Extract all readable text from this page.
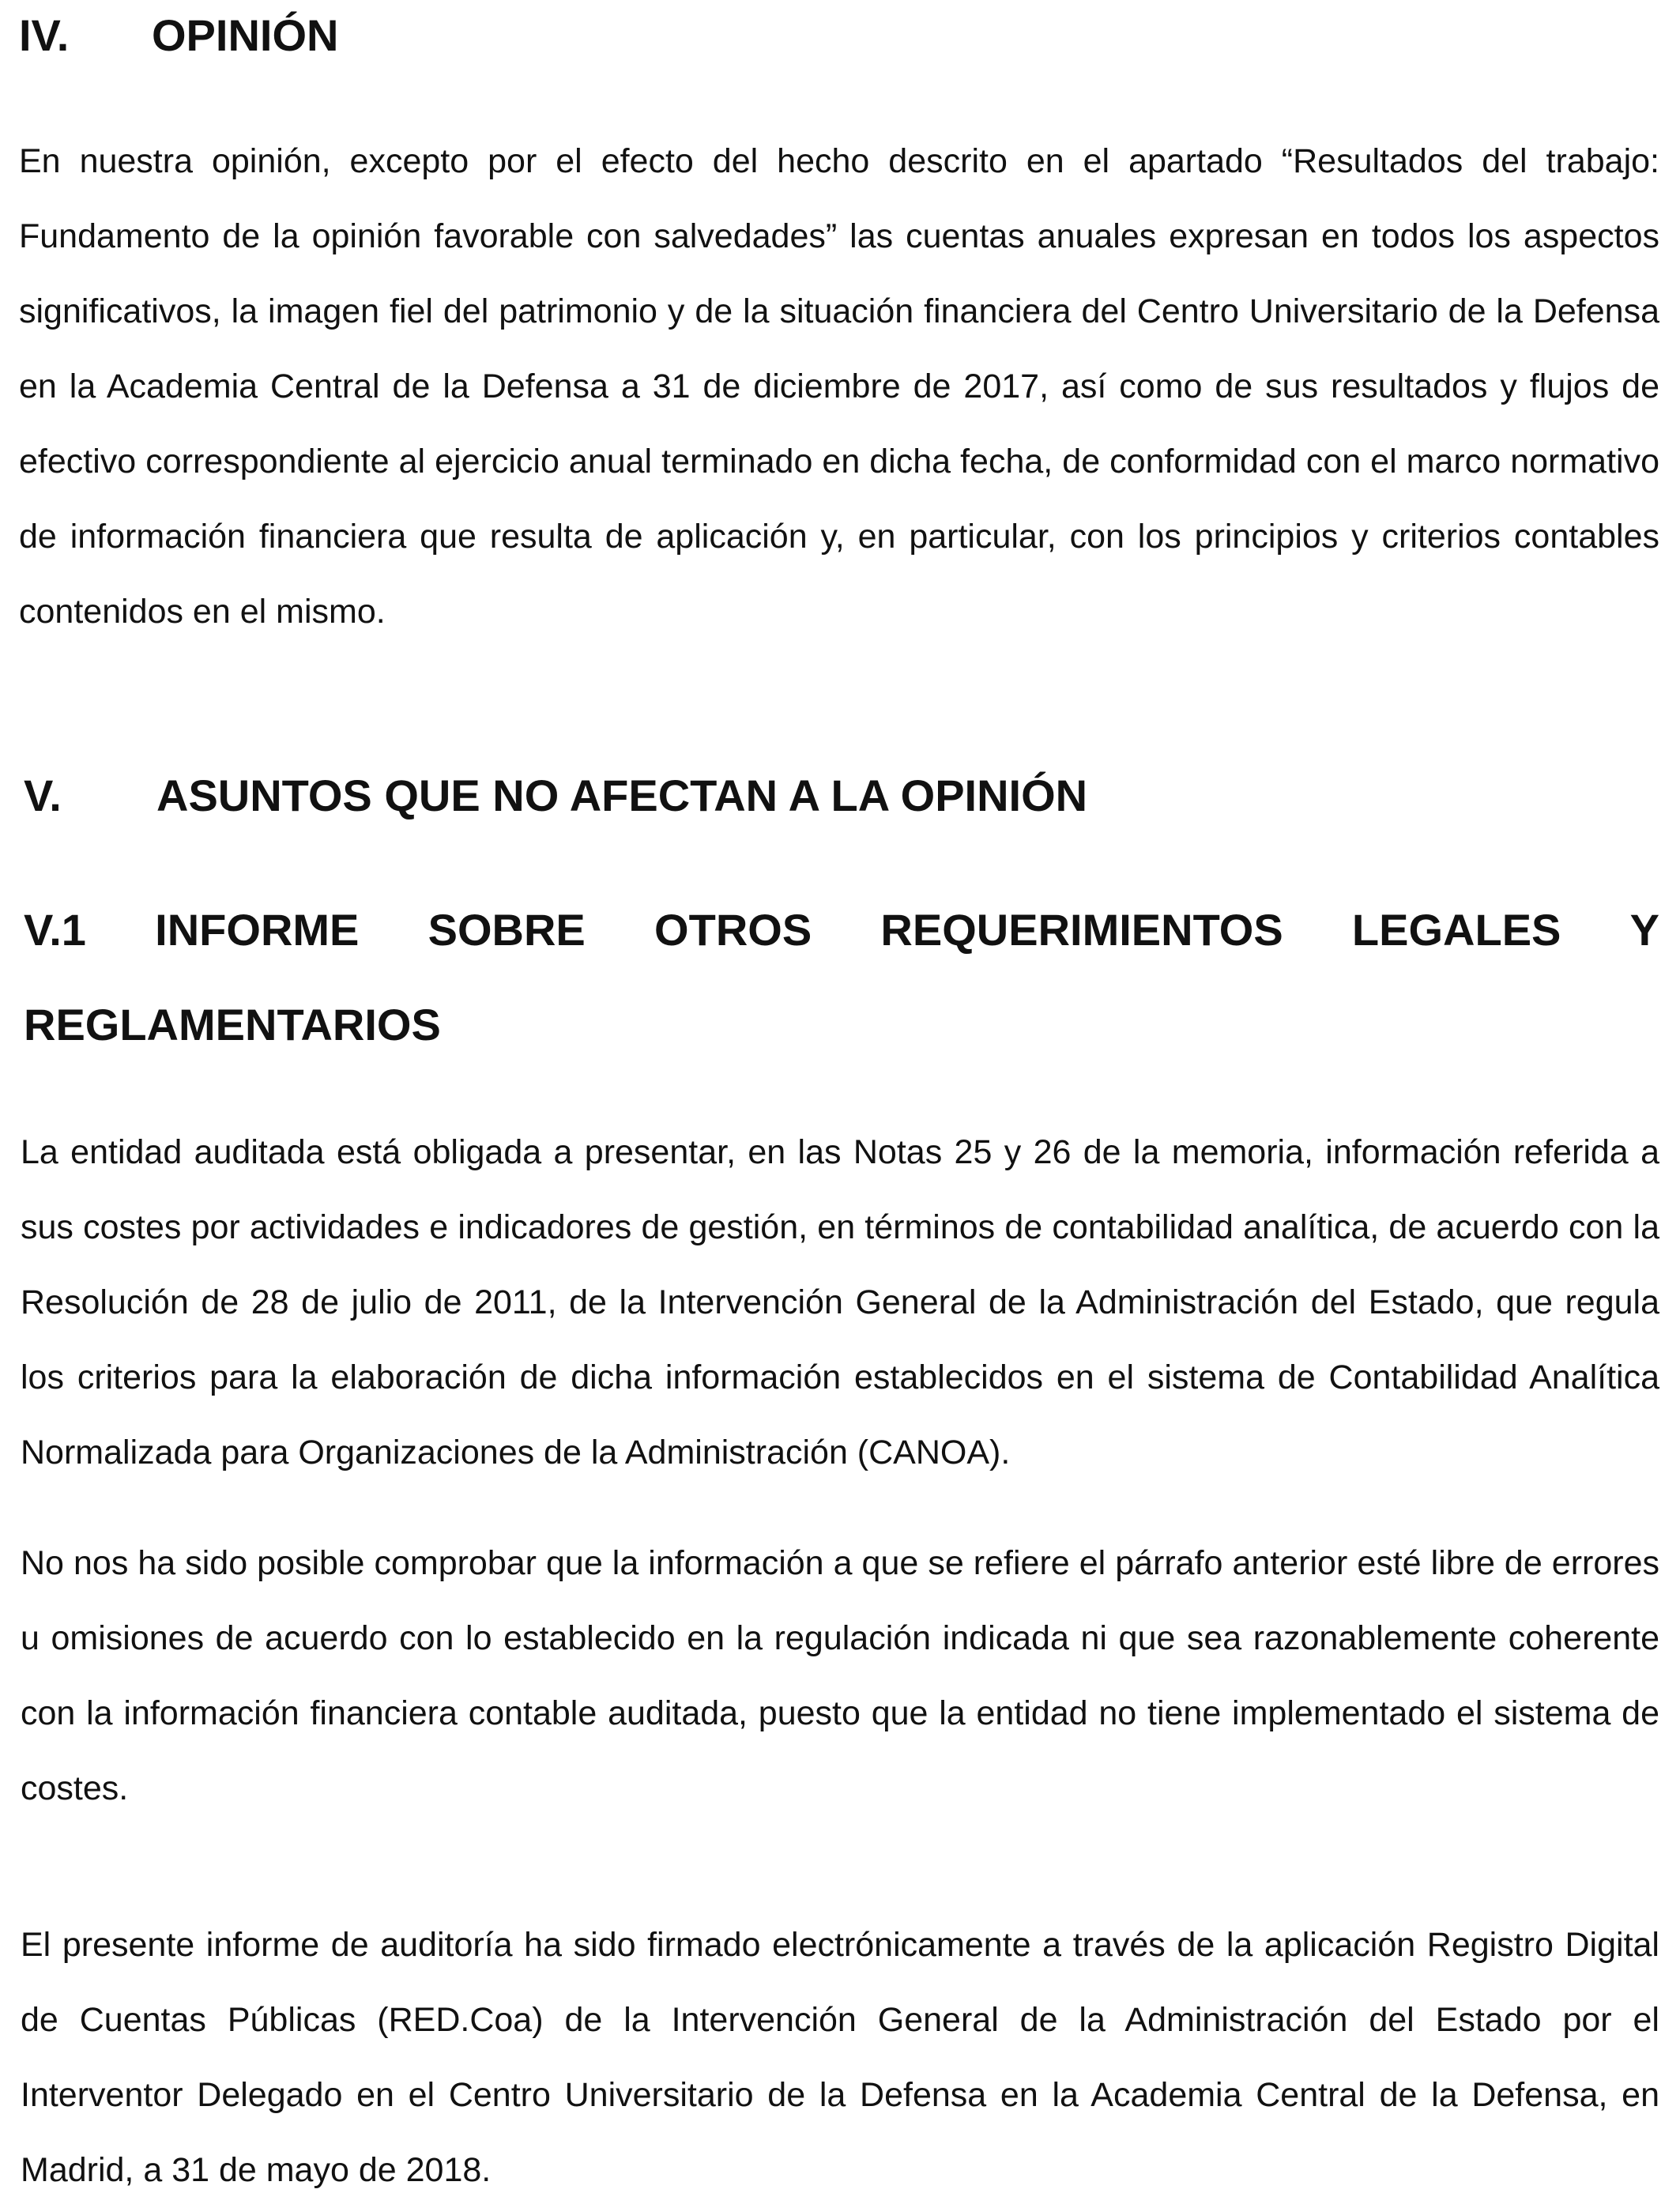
IV. OPINIÓN

En nuestra opinión, excepto por el efecto del hecho descrito en el apartado “Resultados del trabajo: Fundamento de la opinión favorable con salvedades” las cuentas anuales expresan en todos los aspectos significativos, la imagen fiel del patrimonio y de la situación financiera del Centro Universitario de la Defensa en la Academia Central de la Defensa a 31 de diciembre de 2017, así como de sus resultados y flujos de efectivo correspondiente al ejercicio anual terminado en dicha fecha, de conformidad con el marco normativo de información financiera que resulta de aplicación y, en particular, con los principios y criterios contables contenidos en el mismo.

V. ASUNTOS QUE NO AFECTAN A LA OPINIÓN
V.1 INFORME SOBRE OTROS REQUERIMIENTOS LEGALES Y
REGLAMENTARIOS

La entidad auditada está obligada a presentar, en las Notas 25 y 26 de la memoria, información referida a sus costes por actividades e indicadores de gestión, en términos de contabilidad analítica, de acuerdo con la Resolución de 28 de julio de 2011, de la Intervención General de la Administración del Estado, que regula los criterios para la elaboración de dicha información establecidos en el sistema de Contabilidad Analítica Normalizada para Organizaciones de la Administración (CANOA).

No nos ha sido posible comprobar que la información a que se refiere el párrafo anterior esté libre de errores u omisiones de acuerdo con lo establecido en la regulación indicada ni que sea razonablemente coherente con la información financiera contable auditada, puesto que la entidad no tiene implementado el sistema de costes.

El presente informe de auditoría ha sido firmado electrónicamente a través de la aplicación Registro Digital de Cuentas Públicas (RED.Coa) de la Intervención General de la Administración del Estado por el Interventor Delegado en el Centro Universitario de la Defensa en la Academia Central de la Defensa, en Madrid, a 31 de mayo de 2018.
